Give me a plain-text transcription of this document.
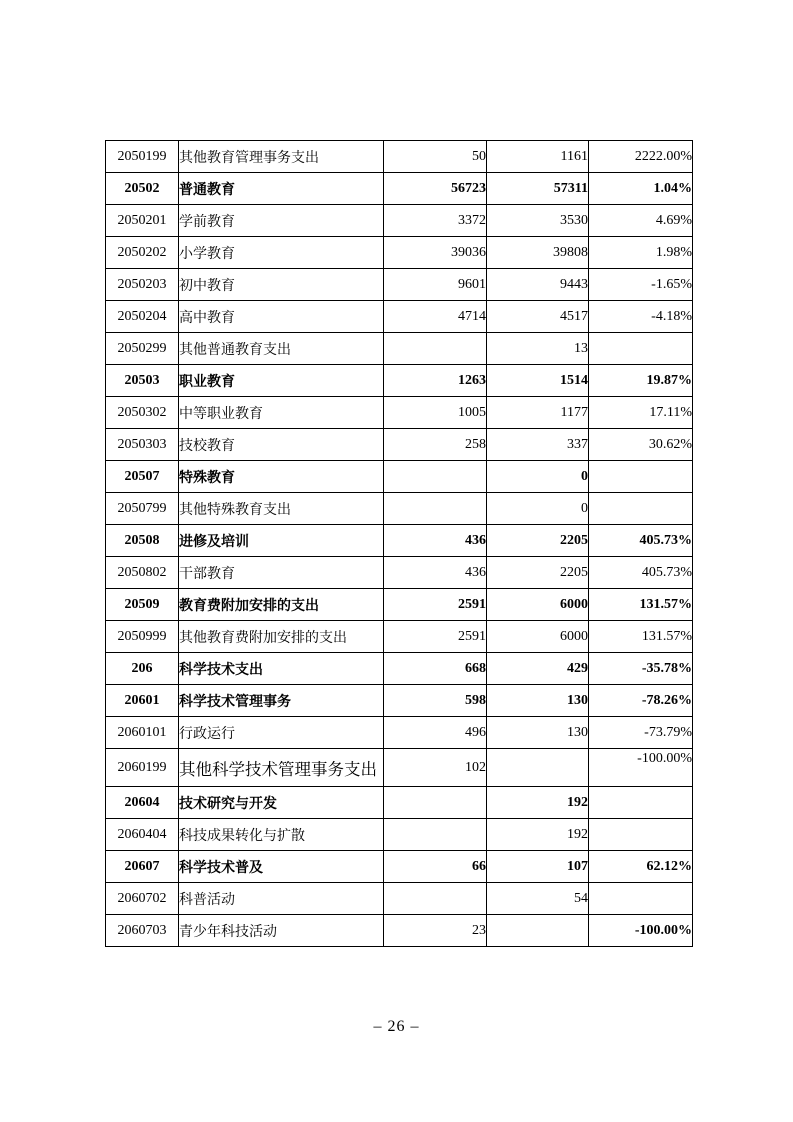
2050199	其他教育管理事务支出	50	1161	2222.00%
20502	普通教育	56723	57311	1.04%
2050201	学前教育	3372	3530	4.69%
2050202	小学教育	39036	39808	1.98%
2050203	初中教育	9601	9443	-1.65%
2050204	高中教育	4714	4517	-4.18%
2050299	其他普通教育支出		13	
20503	职业教育	1263	1514	19.87%
2050302	中等职业教育	1005	1177	17.11%
2050303	技校教育	258	337	30.62%
20507	特殊教育		0	
2050799	其他特殊教育支出		0	
20508	进修及培训	436	2205	405.73%
2050802	干部教育	436	2205	405.73%
20509	教育费附加安排的支出	2591	6000	131.57%
2050999	其他教育费附加安排的支出	2591	6000	131.57%
206	科学技术支出	668	429	-35.78%
20601	科学技术管理事务	598	130	-78.26%
2060101	行政运行	496	130	-73.79%
2060199	其他科学技术管理事务支出	102		-100.00%
20604	技术研究与开发		192	
2060404	科技成果转化与扩散		192	
20607	科学技术普及	66	107	62.12%
2060702	科普活动		54	
2060703	青少年科技活动	23		-100.00%
– 26 –
